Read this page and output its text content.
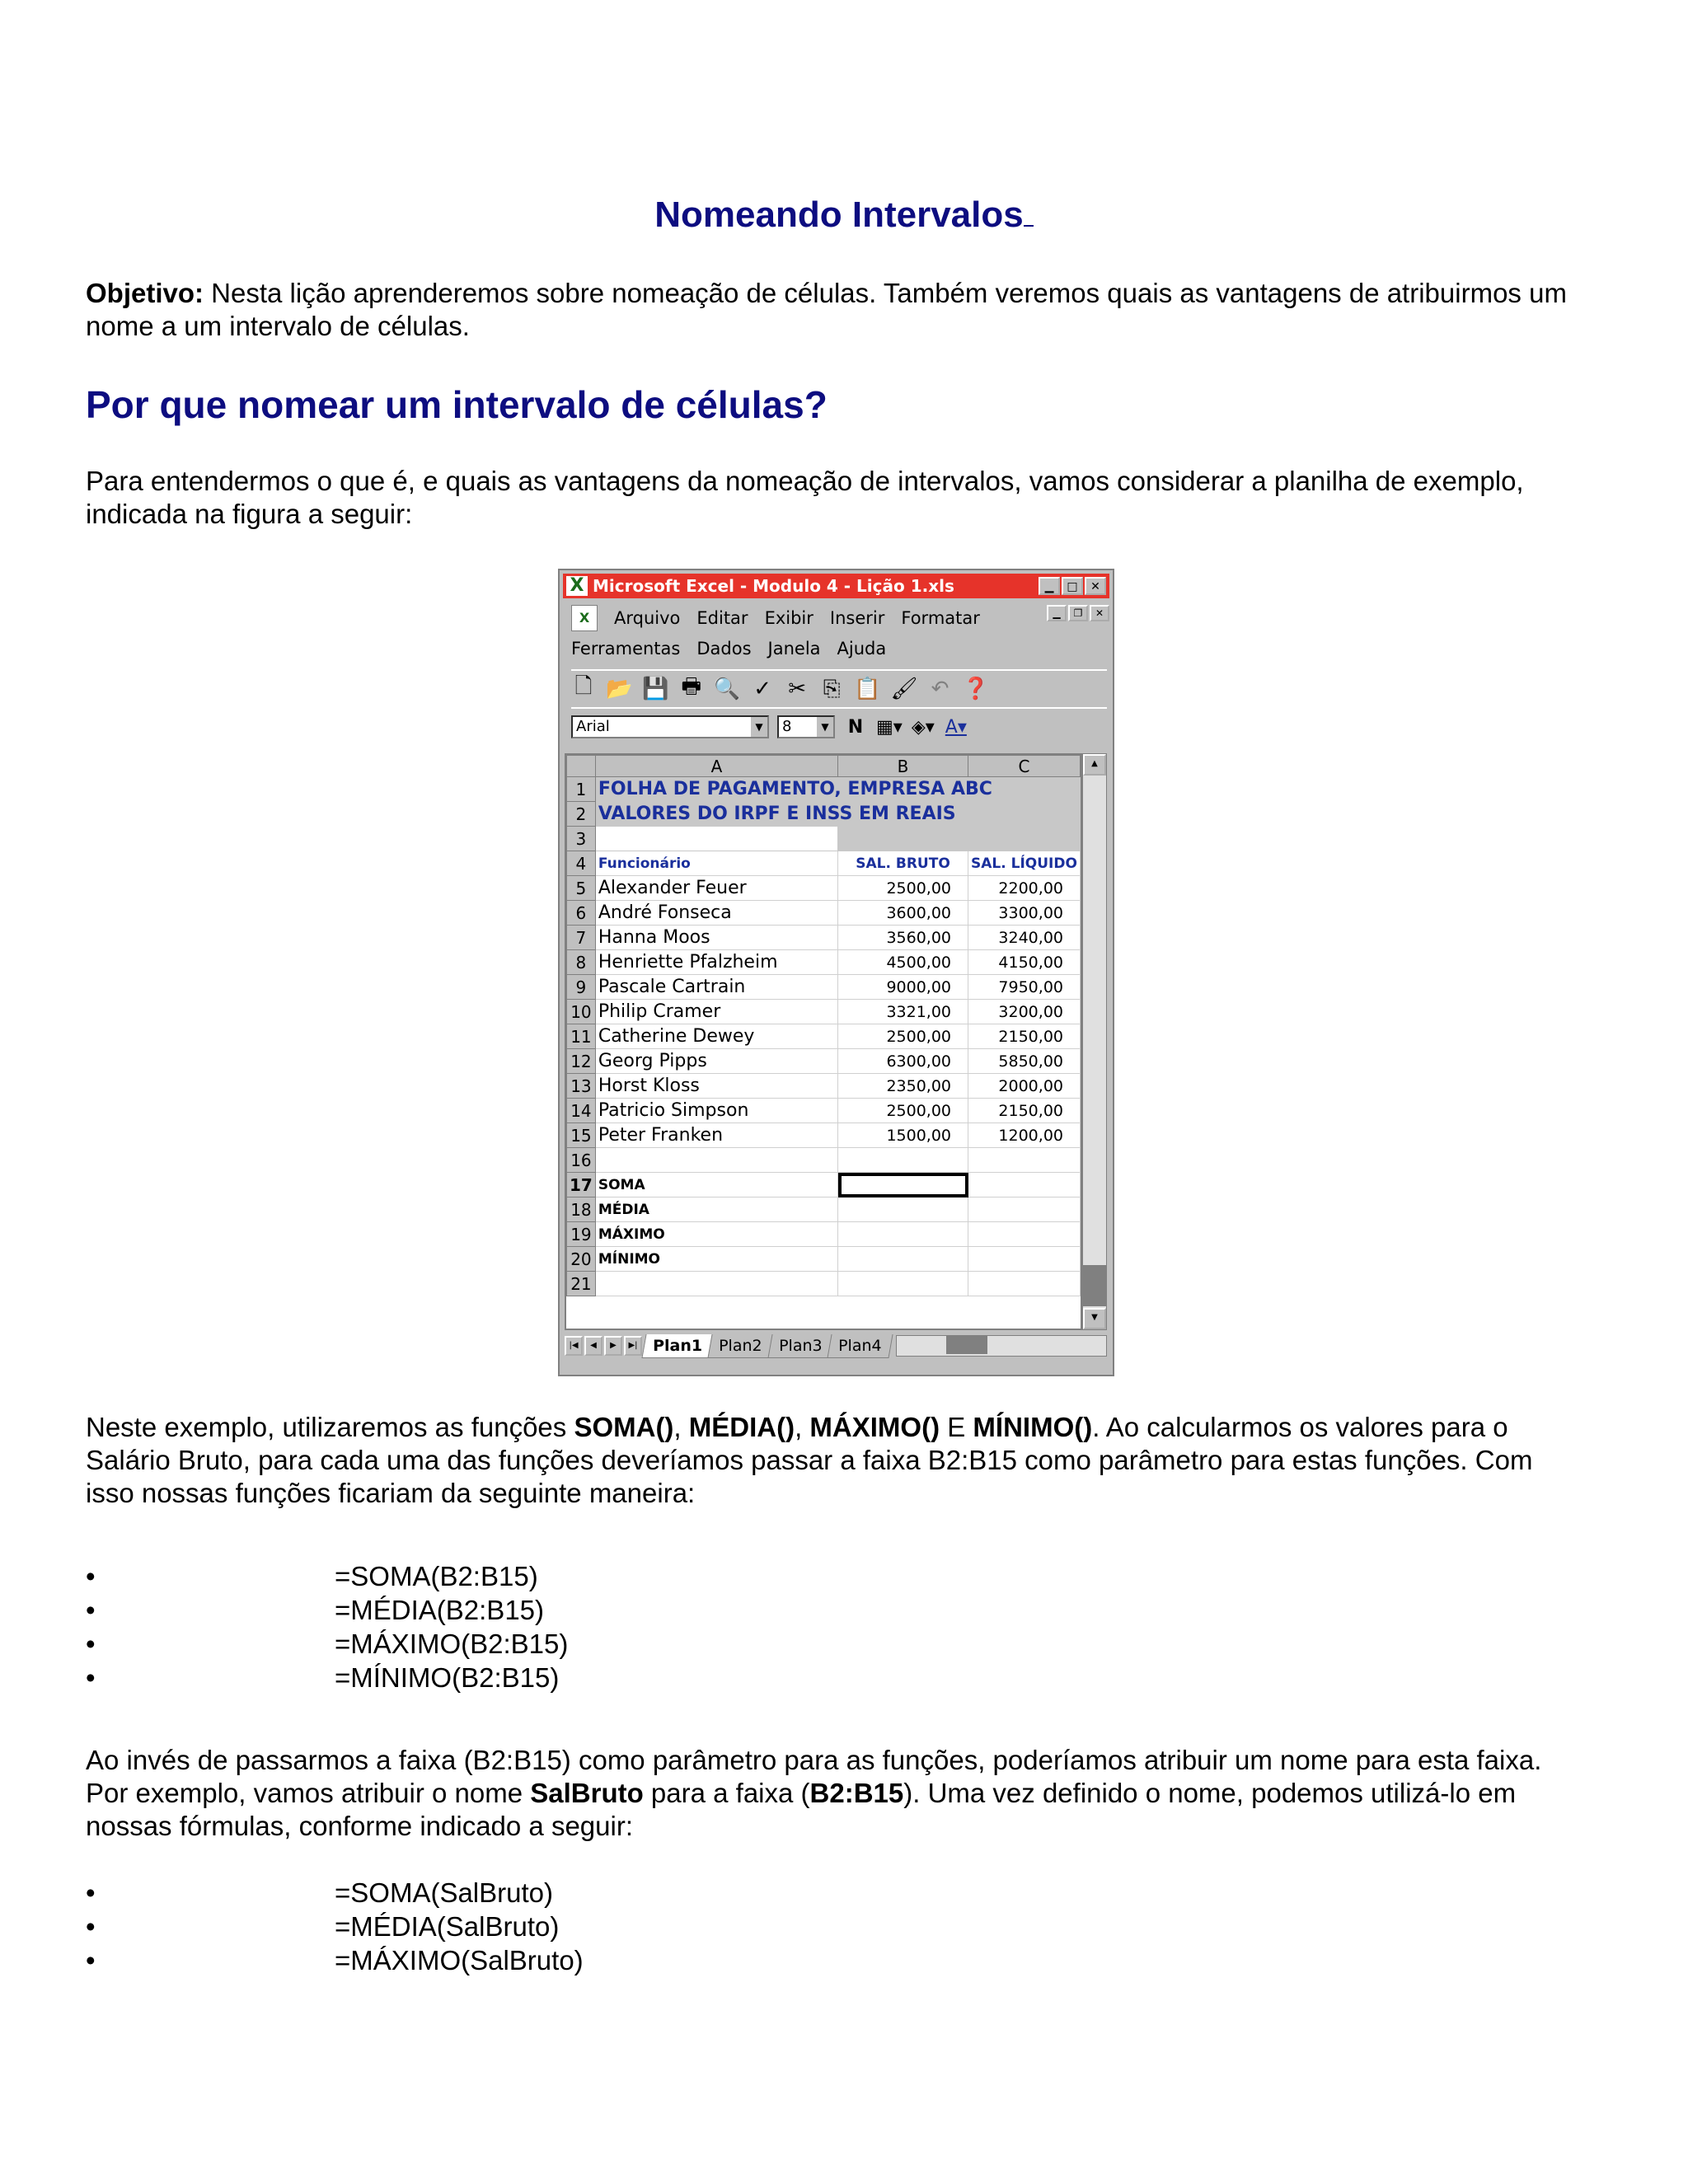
Nomeando Intervalos

Objetivo: Nesta lição aprenderemos sobre nomeação de células. Também veremos quais as vantagens de atribuirmos um
nome a um intervalo de células.

Por que nomear um intervalo de células?

Para entendermos o que é, e quais as vantagens da nomeação de intervalos, vamos considerar a planilha de exemplo,
indicada na figura a seguir:

Neste exemplo, utilizaremos as funções SOMA(), MÉDIA(), MÁXIMO() E MÍNIMO(). Ao calcularmos os valores para o
Salário Bruto, para cada uma das funções deveríamos passar a faixa B2:B15 como parâmetro para estas funções. Com
isso nossas funções ficariam da seguinte maneira:

•	=SOMA(B2:B15)
•	=MÉDIA(B2:B15)
•	=MÁXIMO(B2:B15)
•	=MÍNIMO(B2:B15)

Ao invés de passarmos a faixa (B2:B15) como parâmetro para as funções, poderíamos atribuir um nome para esta faixa.
Por exemplo, vamos atribuir o nome SalBruto para a faixa (B2:B15). Uma vez definido o nome, podemos utilizá-lo em
nossas fórmulas, conforme indicado a seguir:

•	=SOMA(SalBruto)
•	=MÉDIA(SalBruto)
•	=MÁXIMO(SalBruto)
X Microsoft Excel - Modulo 4 - Lição 1.xls	▁	□	✕
X	Arquivo Editar Exibir Inserir Formatar
Ferramentas Dados Janela Ajuda
▁	❐	✕
🗋 📂 💾 🖶 🔍 ✓ ✂ ⎘ 📋 🖌 ↶ ❓
Arial	▼	8	▼ N ▦▾ ◈▾ A▾
	A	B	C
1	FOLHA DE PAGAMENTO, EMPRESA ABC		
2	VALORES DO IRPF E INSS EM REAIS		
3			
4	Funcionário	SAL. BRUTO	SAL. LÍQUIDO
5	Alexander Feuer	2500,00	2200,00
6	André Fonseca	3600,00	3300,00
7	Hanna Moos	3560,00	3240,00
8	Henriette Pfalzheim	4500,00	4150,00
9	Pascale Cartrain	9000,00	7950,00
10	Philip Cramer	3321,00	3200,00
11	Catherine Dewey	2500,00	2150,00
12	Georg Pipps	6300,00	5850,00
13	Horst Kloss	2350,00	2000,00
14	Patricio Simpson	2500,00	2150,00
15	Peter Franken	1500,00	1200,00
16			
17	SOMA		
18	MÉDIA		
19	MÁXIMO		
20	MÍNIMO		
21			
▲
▼
|◀	◀	▶	▶| Plan1	Plan2	Plan3	Plan4
